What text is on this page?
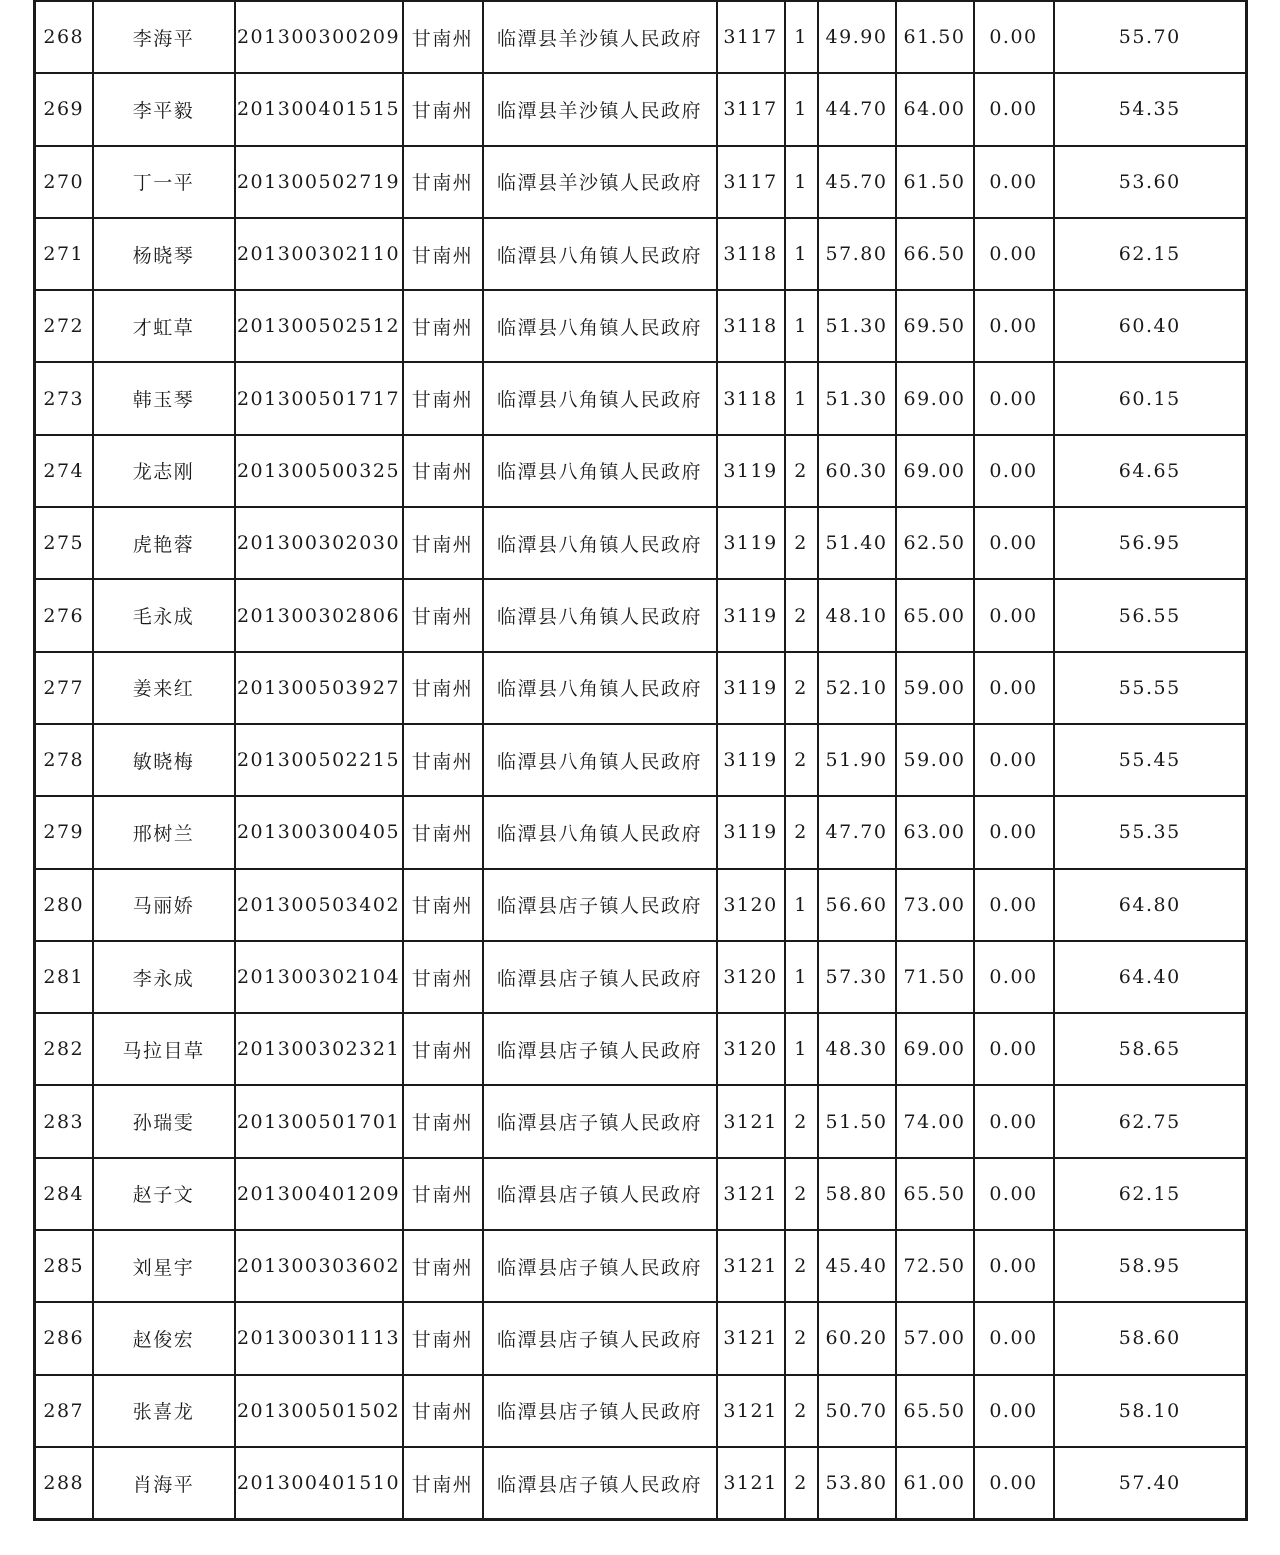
268	李海平	201300300209	甘南州	临潭县羊沙镇人民政府	3117	1	49.90	61.50	0.00	55.70
269	李平毅	201300401515	甘南州	临潭县羊沙镇人民政府	3117	1	44.70	64.00	0.00	54.35
270	丁一平	201300502719	甘南州	临潭县羊沙镇人民政府	3117	1	45.70	61.50	0.00	53.60
271	杨晓琴	201300302110	甘南州	临潭县八角镇人民政府	3118	1	57.80	66.50	0.00	62.15
272	才虹草	201300502512	甘南州	临潭县八角镇人民政府	3118	1	51.30	69.50	0.00	60.40
273	韩玉琴	201300501717	甘南州	临潭县八角镇人民政府	3118	1	51.30	69.00	0.00	60.15
274	龙志刚	201300500325	甘南州	临潭县八角镇人民政府	3119	2	60.30	69.00	0.00	64.65
275	虎艳蓉	201300302030	甘南州	临潭县八角镇人民政府	3119	2	51.40	62.50	0.00	56.95
276	毛永成	201300302806	甘南州	临潭县八角镇人民政府	3119	2	48.10	65.00	0.00	56.55
277	姜来红	201300503927	甘南州	临潭县八角镇人民政府	3119	2	52.10	59.00	0.00	55.55
278	敏晓梅	201300502215	甘南州	临潭县八角镇人民政府	3119	2	51.90	59.00	0.00	55.45
279	邢树兰	201300300405	甘南州	临潭县八角镇人民政府	3119	2	47.70	63.00	0.00	55.35
280	马丽娇	201300503402	甘南州	临潭县店子镇人民政府	3120	1	56.60	73.00	0.00	64.80
281	李永成	201300302104	甘南州	临潭县店子镇人民政府	3120	1	57.30	71.50	0.00	64.40
282	马拉目草	201300302321	甘南州	临潭县店子镇人民政府	3120	1	48.30	69.00	0.00	58.65
283	孙瑞雯	201300501701	甘南州	临潭县店子镇人民政府	3121	2	51.50	74.00	0.00	62.75
284	赵子文	201300401209	甘南州	临潭县店子镇人民政府	3121	2	58.80	65.50	0.00	62.15
285	刘星宇	201300303602	甘南州	临潭县店子镇人民政府	3121	2	45.40	72.50	0.00	58.95
286	赵俊宏	201300301113	甘南州	临潭县店子镇人民政府	3121	2	60.20	57.00	0.00	58.60
287	张喜龙	201300501502	甘南州	临潭县店子镇人民政府	3121	2	50.70	65.50	0.00	58.10
288	肖海平	201300401510	甘南州	临潭县店子镇人民政府	3121	2	53.80	61.00	0.00	57.40
